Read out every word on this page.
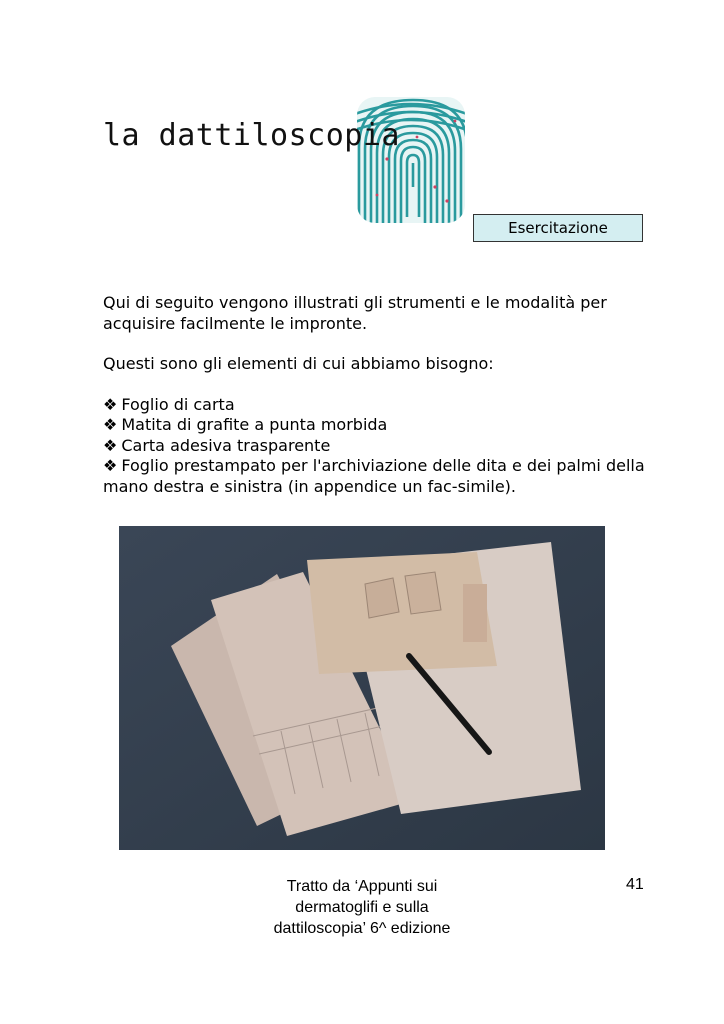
la dattiloscopia
Esercitazione

Qui di seguito vengono illustrati gli strumenti e le modalità per acquisire facilmente le impronte.

Questi sono gli elementi di cui abbiamo bisogno:

❖ Foglio di carta
❖ Matita di grafite a punta morbida
❖ Carta adesiva trasparente
❖ Foglio prestampato per l'archiviazione delle dita e dei palmi della mano destra e sinistra (in appendice un fac-simile).
Tratto da ‘Appunti sui dermatoglifi e sulla dattiloscopia’ 6^ edizione
41
